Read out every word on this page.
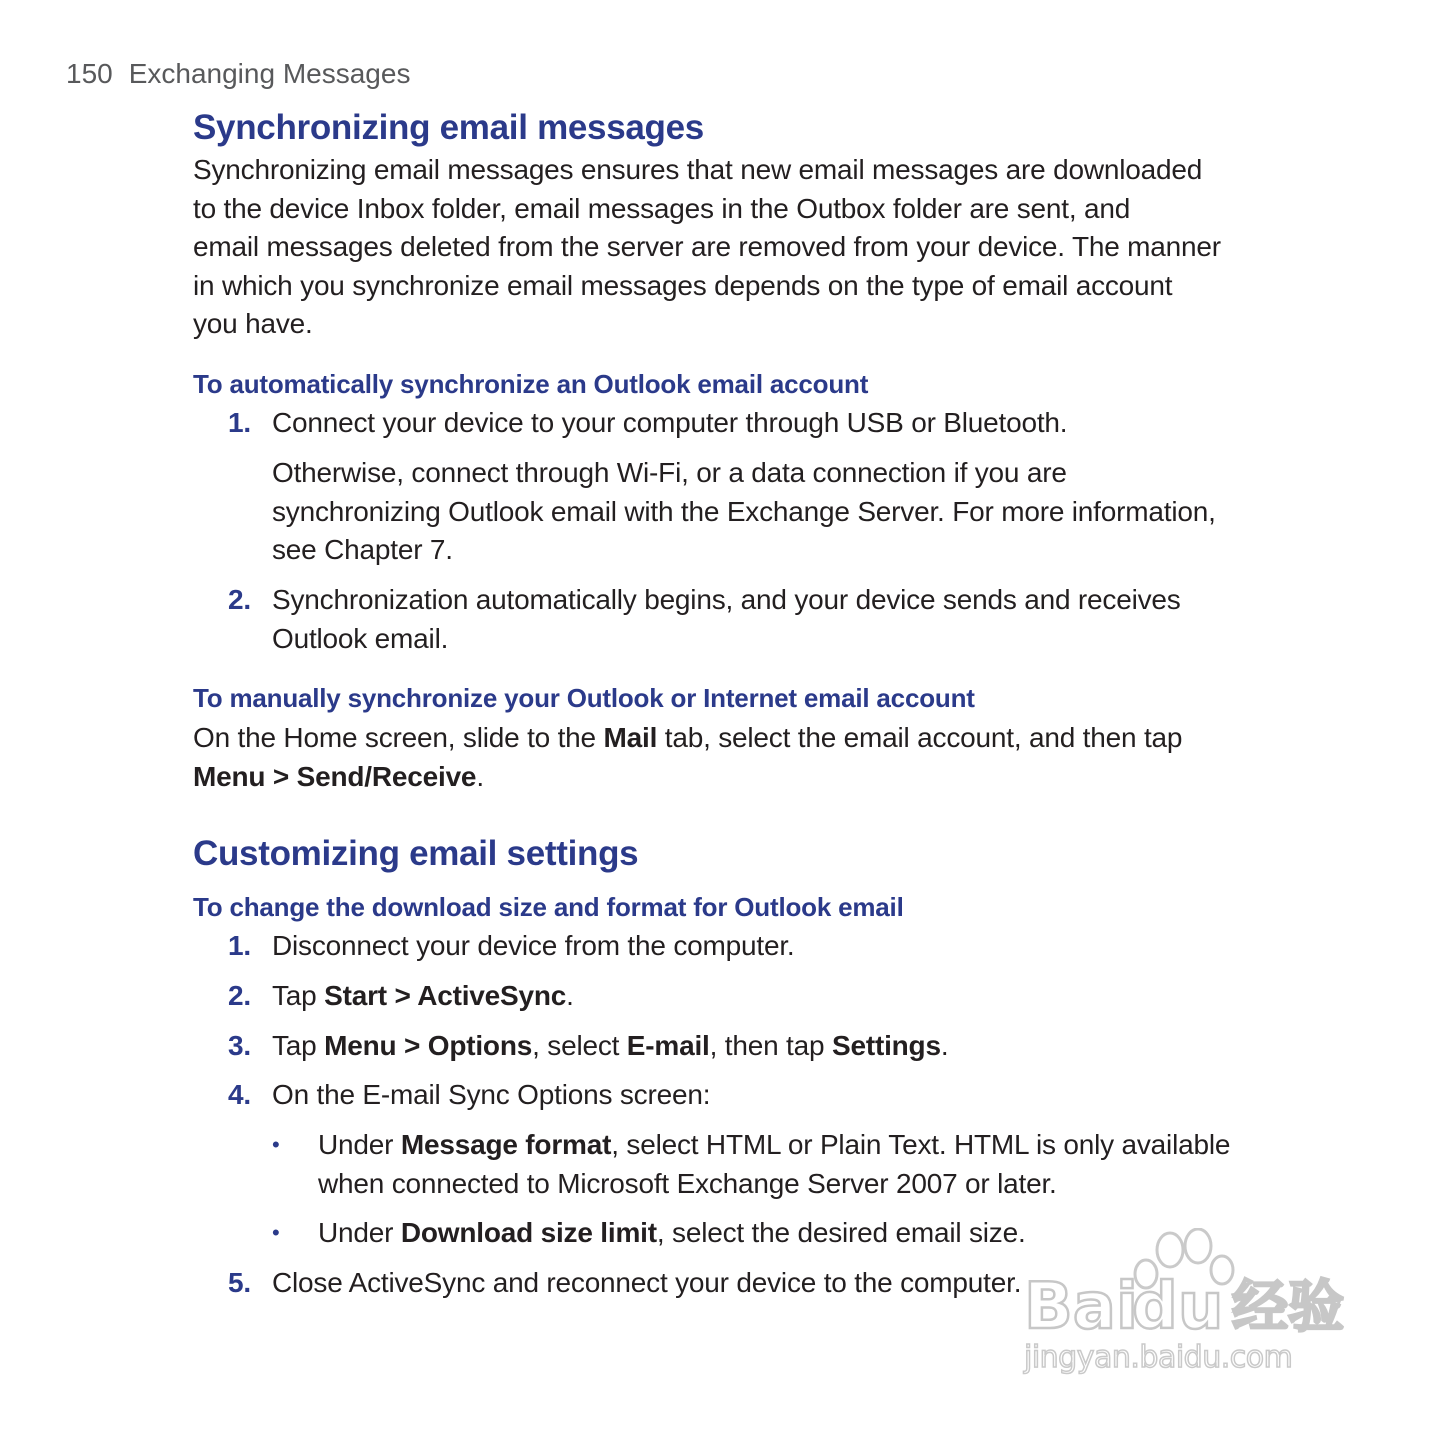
150 Exchanging Messages
Synchronizing email messages
Synchronizing email messages ensures that new email messages are downloaded
to the device Inbox folder, email messages in the Outbox folder are sent, and
email messages deleted from the server are removed from your device. The manner
in which you synchronize email messages depends on the type of email account
you have.
To automatically synchronize an Outlook email account
1. Connect your device to your computer through USB or Bluetooth.
Otherwise, connect through Wi-Fi, or a data connection if you are
synchronizing Outlook email with the Exchange Server. For more information,
see Chapter 7.
2. Synchronization automatically begins, and your device sends and receives
Outlook email.
To manually synchronize your Outlook or Internet email account
On the Home screen, slide to the Mail tab, select the email account, and then tap
Menu > Send/Receive.
Customizing email settings
To change the download size and format for Outlook email
1. Disconnect your device from the computer.
2. Tap Start > ActiveSync.
3. Tap Menu > Options, select E-mail, then tap Settings.
4. On the E-mail Sync Options screen:
• Under Message format, select HTML or Plain Text. HTML is only available
when connected to Microsoft Exchange Server 2007 or later.
• Under Download size limit, select the desired email size.
5. Close ActiveSync and reconnect your device to the computer. Bai
du 经验
jingyan.baidu.com
